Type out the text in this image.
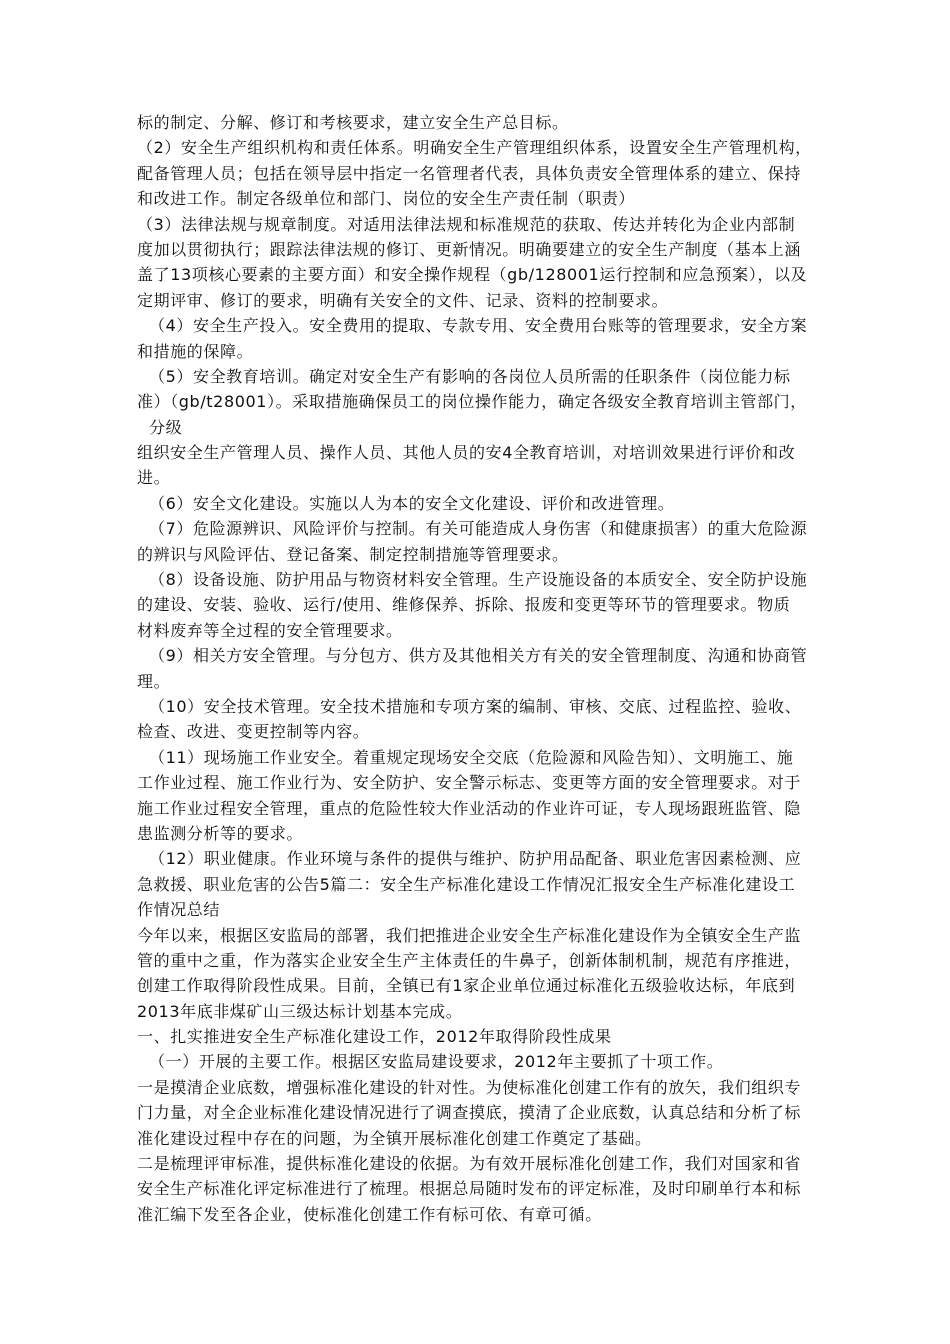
标的制定、分解、修订和考核要求，建立安全生产总目标。
（2）安全生产组织机构和责任体系。明确安全生产管理组织体系，设置安全生产管理机构，
配备管理人员；包括在领导层中指定一名管理者代表，具体负责安全管理体系的建立、保持
和改进工作。制定各级单位和部门、岗位的安全生产责任制（职责）
（3）法律法规与规章制度。对适用法律法规和标准规范的获取、传达并转化为企业内部制
度加以贯彻执行；跟踪法律法规的修订、更新情况。明确要建立的安全生产制度（基本上涵
盖了13项核心要素的主要方面）和安全操作规程（gb/128001运行控制和应急预案），以及
定期评审、修订的要求，明确有关安全的文件、记录、资料的控制要求。
（4）安全生产投入。安全费用的提取、专款专用、安全费用台账等的管理要求，安全方案
和措施的保障。
（5）安全教育培训。确定对安全生产有影响的各岗位人员所需的任职条件（岗位能力标
准）（gb/t28001）。采取措施确保员工的岗位操作能力，确定各级安全教育培训主管部门，
分级
组织安全生产管理人员、操作人员、其他人员的安4全教育培训，对培训效果进行评价和改
进。
（6）安全文化建设。实施以人为本的安全文化建设、评价和改进管理。
（7）危险源辨识、风险评价与控制。有关可能造成人身伤害（和健康损害）的重大危险源
的辨识与风险评估、登记备案、制定控制措施等管理要求。
（8）设备设施、防护用品与物资材料安全管理。生产设施设备的本质安全、安全防护设施
的建设、安装、验收、运行/使用、维修保养、拆除、报废和变更等环节的管理要求。物质
材料废弃等全过程的安全管理要求。
（9）相关方安全管理。与分包方、供方及其他相关方有关的安全管理制度、沟通和协商管
理。
（10）安全技术管理。安全技术措施和专项方案的编制、审核、交底、过程监控、验收、
检查、改进、变更控制等内容。
（11）现场施工作业安全。着重规定现场安全交底（危险源和风险告知）、文明施工、施
工作业过程、施工作业行为、安全防护、安全警示标志、变更等方面的安全管理要求。对于
施工作业过程安全管理，重点的危险性较大作业活动的作业许可证，专人现场跟班监管、隐
患监测分析等的要求。
（12）职业健康。作业环境与条件的提供与维护、防护用品配备、职业危害因素检测、应
急救援、职业危害的公告5篇二：安全生产标准化建设工作情况汇报安全生产标准化建设工
作情况总结
今年以来，根据区安监局的部署，我们把推进企业安全生产标准化建设作为全镇安全生产监
管的重中之重，作为落实企业安全生产主体责任的牛鼻子，创新体制机制，规范有序推进，
创建工作取得阶段性成果。目前，全镇已有1家企业单位通过标准化五级验收达标，年底到
2013年底非煤矿山三级达标计划基本完成。
一、扎实推进安全生产标准化建设工作，2012年取得阶段性成果
（一）开展的主要工作。根据区安监局建设要求，2012年主要抓了十项工作。
一是摸清企业底数，增强标准化建设的针对性。为使标准化创建工作有的放矢，我们组织专
门力量，对全企业标准化建设情况进行了调查摸底，摸清了企业底数，认真总结和分析了标
准化建设过程中存在的问题，为全镇开展标准化创建工作奠定了基础。
二是梳理评审标准，提供标准化建设的依据。为有效开展标准化创建工作，我们对国家和省
安全生产标准化评定标准进行了梳理。根据总局随时发布的评定标准，及时印刷单行本和标
准汇编下发至各企业，使标准化创建工作有标可依、有章可循。
